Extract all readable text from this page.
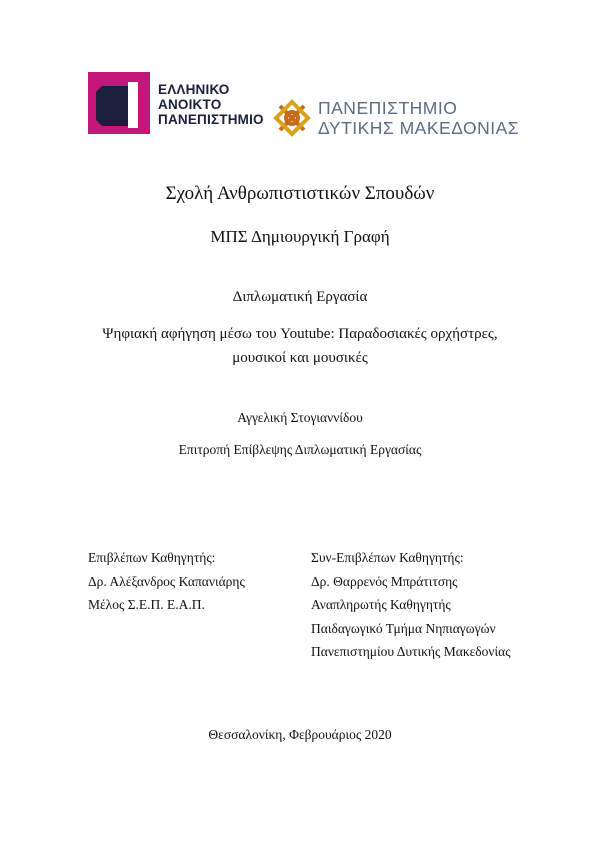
ΕΛΛΗΝΙΚΟ
ΑΝΟΙΚΤΟ
ΠΑΝΕΠΙΣΤΗΜΙΟ
ΠΑΝΕΠΙΣΤΗΜΙΟ
ΔΥΤΙΚΗΣ ΜΑΚΕΔΟΝΙΑΣ
Σχολή Ανθρωπιστιστικών Σπουδών
ΜΠΣ Δημιουργική Γραφή
Διπλωματική Εργασία
Ψηφιακή αφήγηση μέσω του Youtube: Παραδοσιακές ορχήστρες,
μουσικοί και μουσικές
Αγγελική Στογιαννίδου
Επιτροπή Επίβλεψης Διπλωματική Εργασίας
Επιβλέπων Καθηγητής:
Δρ. Αλέξανδρος Καπανιάρης
Μέλος Σ.Ε.Π. Ε.Α.Π.
Συν-Επιβλέπων Καθηγητής:
Δρ. Θαρρενός Μπράτιτσης
Αναπληρωτής Καθηγητής
Παιδαγωγικό Τμήμα Νηπιαγωγών
Πανεπιστημίου Δυτικής Μακεδονίας
Θεσσαλονίκη, Φεβρουάριος 2020
